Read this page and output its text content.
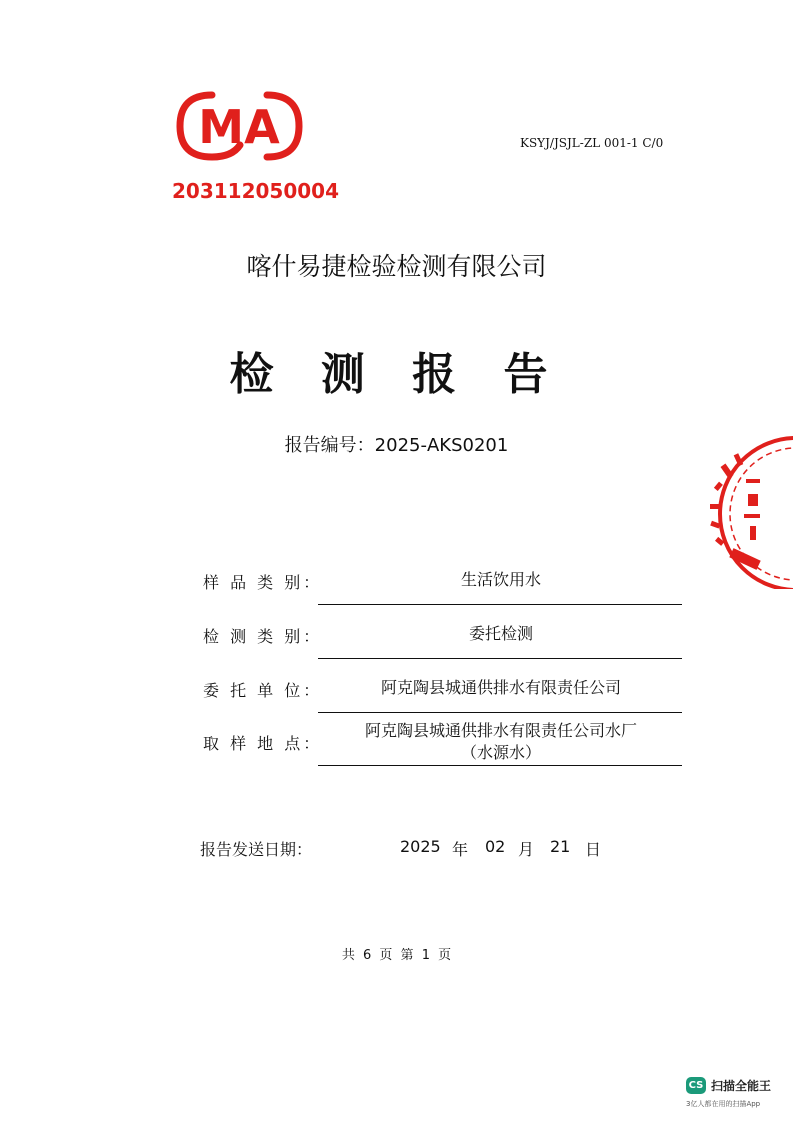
MA
203112050004
KSYJ/JSJL-ZL 001-1 C/0
喀什易捷检验检测有限公司
检 测 报 告
报告编号：2025-AKS0201
样 品 类 别：	生活饮用水
检 测 类 别：	委托检测
委 托 单 位：	阿克陶县城通供排水有限责任公司
取 样 地 点：
阿克陶县城通供排水有限责任公司水厂
（水源水）
报告发送日期：	2025 年 02 月 21 日
共 6 页 第 1 页
CS 扫描全能王
3亿人都在用的扫描App
